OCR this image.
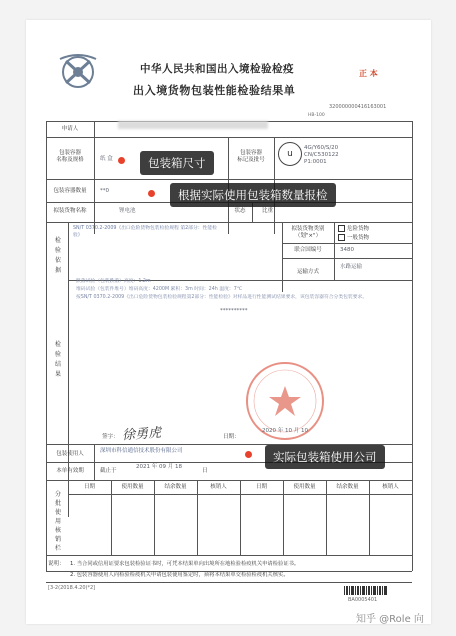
中华人民共和国出入境检验检疫
出入境货物包装性能检验结果单
正 本
320000000416163001
HB-100
申请人
包装容器
名称及规格	纸 盒
包装容器
标记及批号
u
4G/Y60/S/20
CN/C530122
P1:0001
包装容器数量	**0
拟装货物名称	锂电池	状态	比重
检
验
依
据
SN/T 0370.2-2009《出口危险货物包装检验规程 第2部分：性能检验》
拟装货物类别
（划"×"）
危险货物
一般货物
联合国编号	3480
运输方式
水路运输
跌落试验（包装跌落）高度：1.2m
堆码试验（包装件堆号）堆码高度：4200M 累积：3m 时间：24h 温度：7℃
按SN/T 0370.2-2009《出口危险货物包装检验规程第2部分：性能检验》对样品进行性能测试结果要求，该包装容器符合分类包装要求。
**********
检
验
结
果
签字： 徐勇虎	日期：
2020 年 10 月 10
包装使用人	深圳市科信通信技术股份有限公司
本单有效期	截止于
2021 年 09 月 18
日
分
批
使
用
核
销
栏
说明： 1. 当合同或信用证要求包装检验证书时，可凭本结果单向出境所在地检验检疫机关申请检验证书。
2. 包装容器使用人向检验检疫机关申请包装使用鉴定时，须将本结果单交检验检疫机关核实。
[3-2(2018.4.20)*2]
BA0005401
日期	使用数量	结余数量	核销人	日期	使用数量	结余数量	核销人
包装箱尺寸
根据实际使用包装箱数量报检
实际包装箱使用公司
知乎 @Role 向
